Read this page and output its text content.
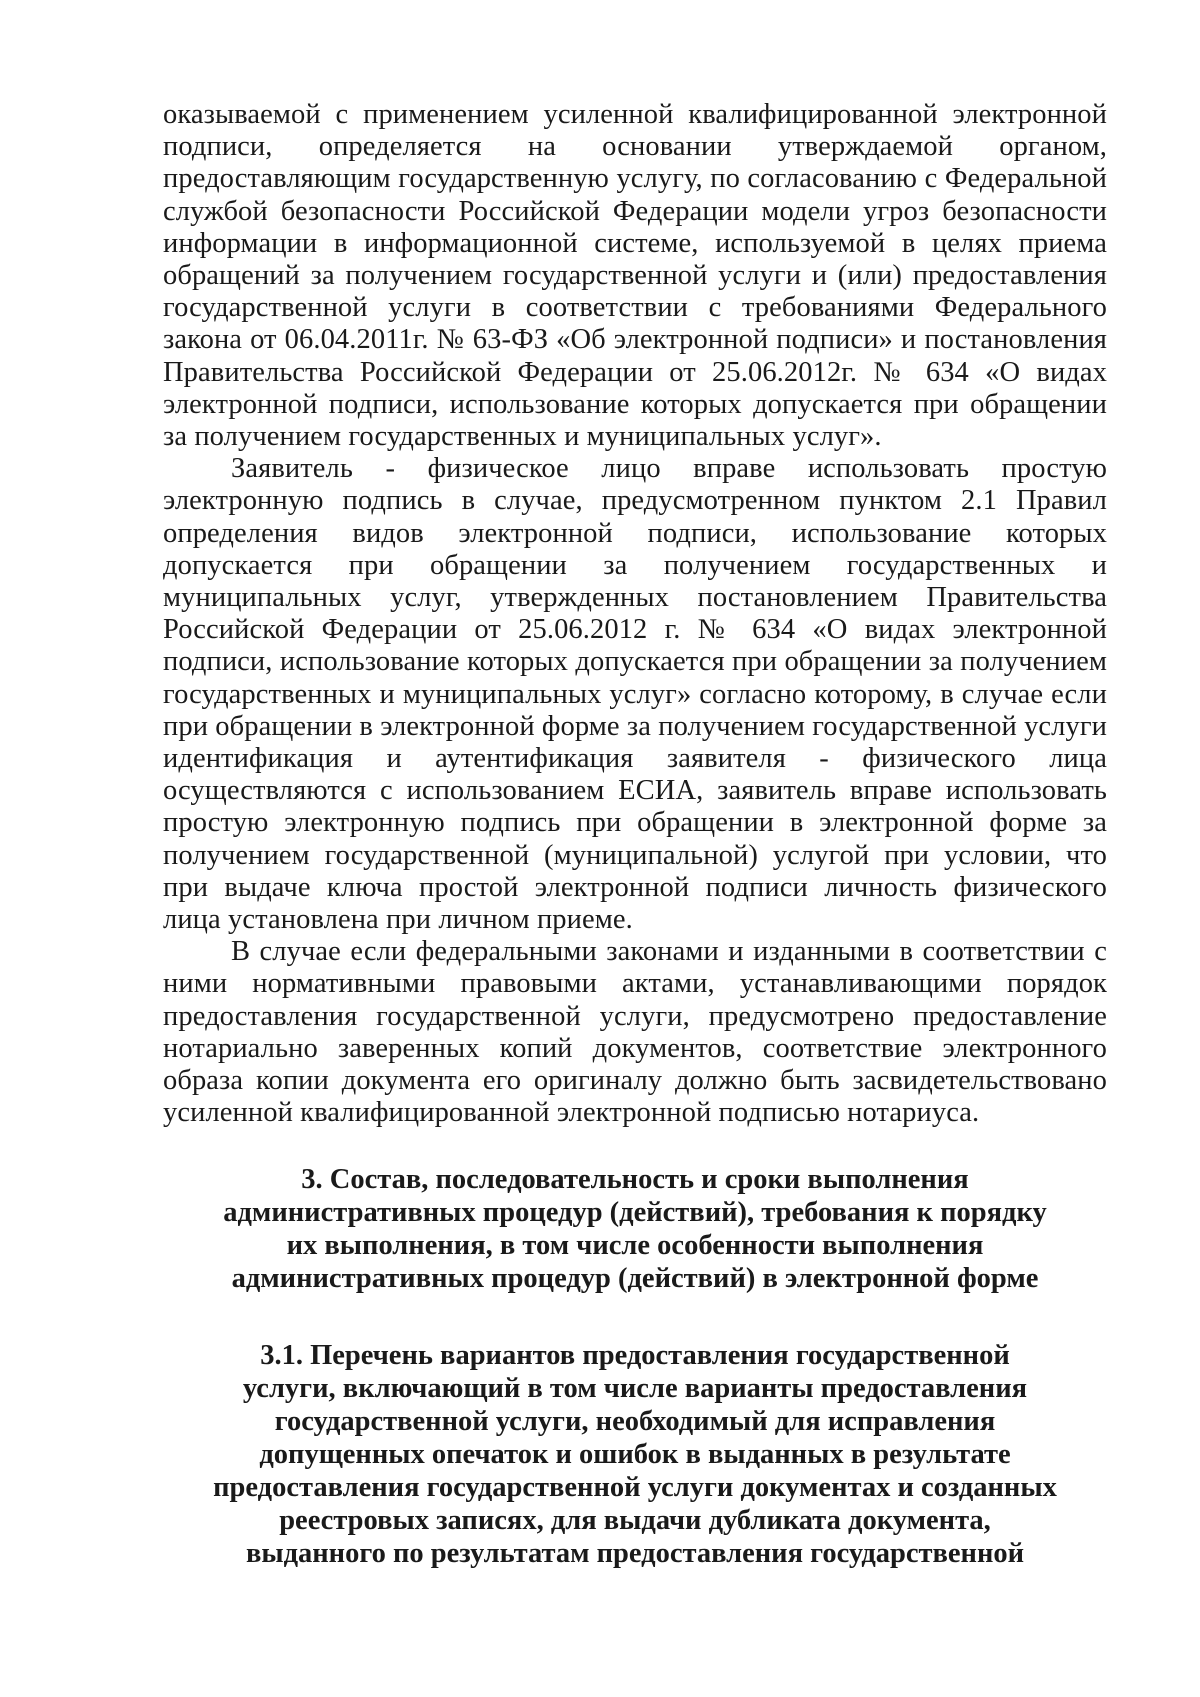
оказываемой с применением усиленной квалифицированной электронной подписи, определяется на основании утверждаемой органом, предоставляющим государственную услугу, по согласованию с Федеральной службой безопасности Российской Федерации модели угроз безопасности информации в информационной системе, используемой в целях приема обращений за получением государственной услуги и (или) предоставления государственной услуги в соответствии с требованиями Федерального закона от 06.04.2011г. № 63-ФЗ «Об электронной подписи» и постановления Правительства Российской Федерации от 25.06.2012г. № 634 «О видах электронной подписи, использование которых допускается при обращении за получением государственных и муниципальных услуг».

Заявитель - физическое лицо вправе использовать простую электронную подпись в случае, предусмотренном пунктом 2.1 Правил определения видов электронной подписи, использование которых допускается при обращении за получением государственных и муниципальных услуг, утвержденных постановлением Правительства Российской Федерации от 25.06.2012 г. № 634 «О видах электронной подписи, использование которых допускается при обращении за получением государственных и муниципальных услуг» согласно которому, в случае если при обращении в электронной форме за получением государственной услуги идентификация и аутентификация заявителя - физического лица осуществляются с использованием ЕСИА, заявитель вправе использовать простую электронную подпись при обращении в электронной форме за получением государственной (муниципальной) услугой при условии, что при выдаче ключа простой электронной подписи личность физического лица установлена при личном приеме.

В случае если федеральными законами и изданными в соответствии с ними нормативными правовыми актами, устанавливающими порядок предоставления государственной услуги, предусмотрено предоставление нотариально заверенных копий документов, соответствие электронного образа копии документа его оригиналу должно быть засвидетельствовано усиленной квалифицированной электронной подписью нотариуса.

3. Состав, последовательность и сроки выполнения
административных процедур (действий), требования к порядку
их выполнения, в том числе особенности выполнения
административных процедур (действий) в электронной форме
3.1. Перечень вариантов предоставления государственной
услуги, включающий в том числе варианты предоставления
государственной услуги, необходимый для исправления
допущенных опечаток и ошибок в выданных в результате
предоставления государственной услуги документах и созданных
реестровых записях, для выдачи дубликата документа,
выданного по результатам предоставления государственной
